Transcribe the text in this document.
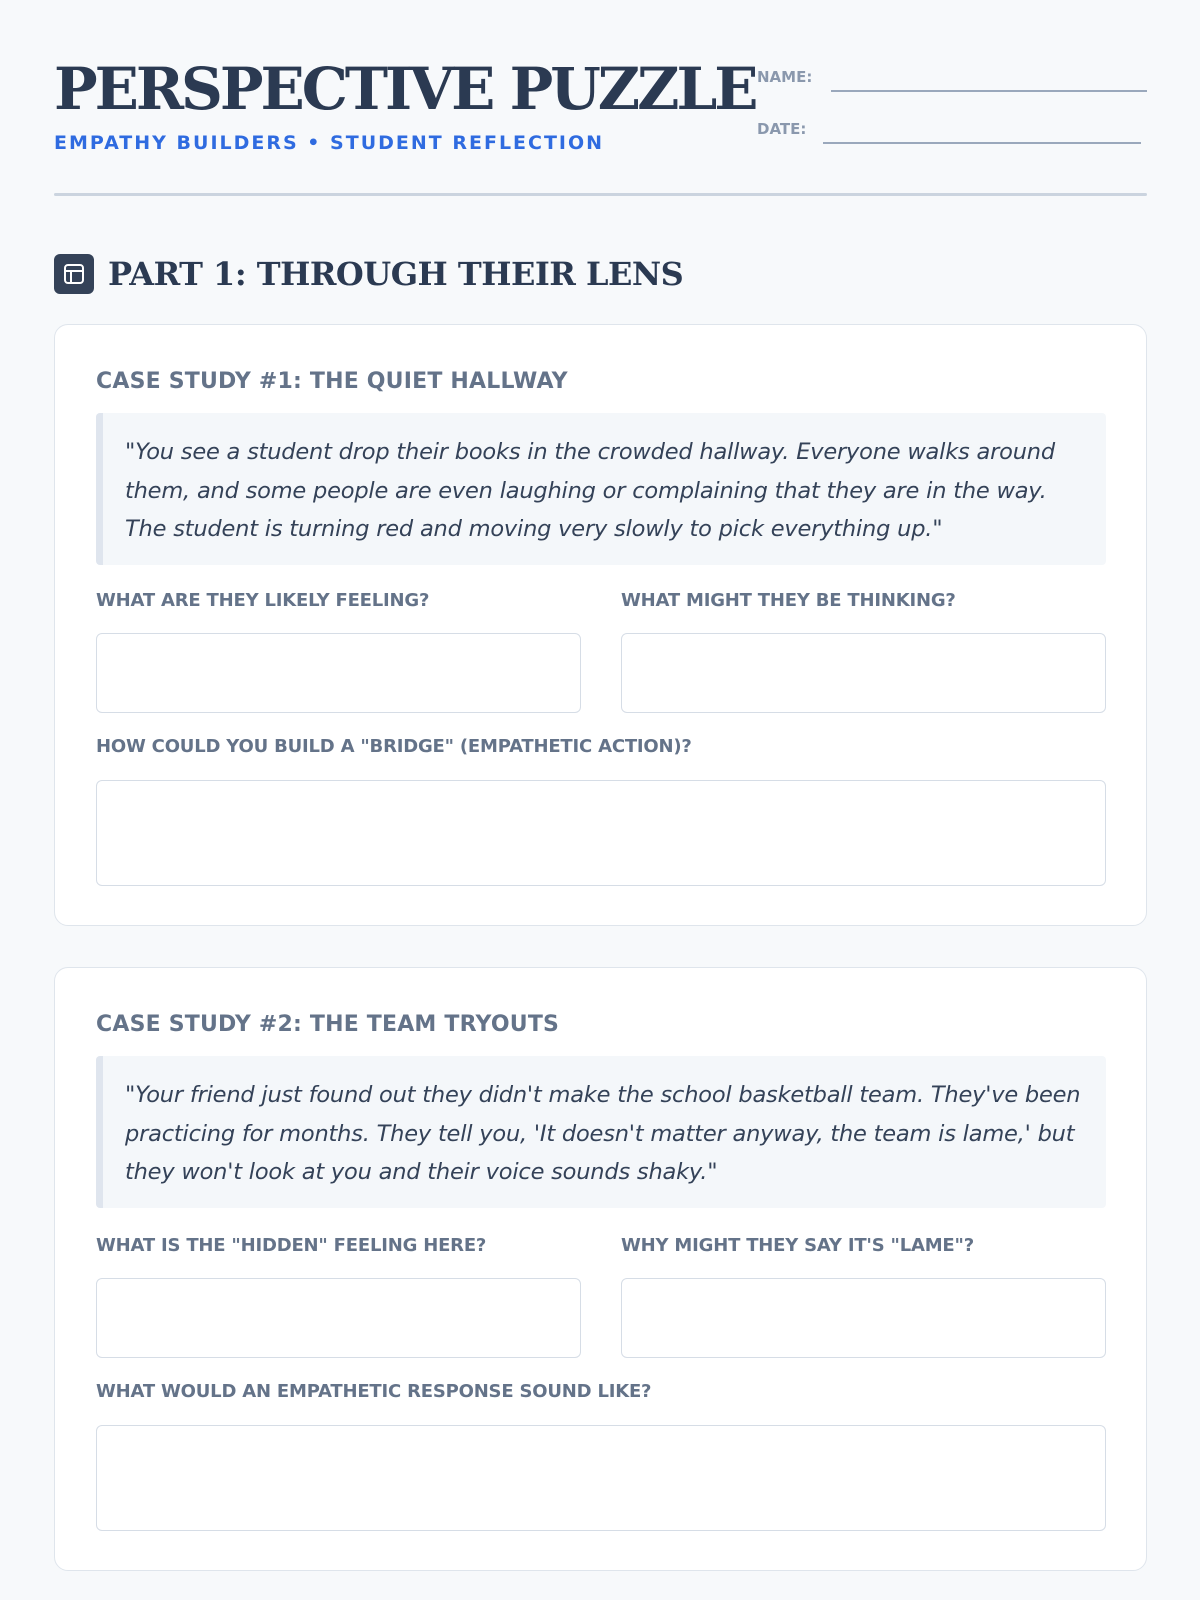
PERSPECTIVE PUZZLE
EMPATHY BUILDERS • STUDENT REFLECTION
NAME:
DATE:
PART 1: THROUGH THEIR LENS
CASE STUDY #1: THE QUIET HALLWAY
"You see a student drop their books in the crowded hallway. Everyone walks around them, and some people are even laughing or complaining that they are in the way. The student is turning red and moving very slowly to pick everything up."
WHAT ARE THEY LIKELY FEELING?	WHAT MIGHT THEY BE THINKING?
HOW COULD YOU BUILD A "BRIDGE" (EMPATHETIC ACTION)?
CASE STUDY #2: THE TEAM TRYOUTS
"Your friend just found out they didn't make the school basketball team. They've been practicing for months. They tell you, 'It doesn't matter anyway, the team is lame,' but they won't look at you and their voice sounds shaky."
WHAT IS THE "HIDDEN" FEELING HERE?	WHY MIGHT THEY SAY IT'S "LAME"?
WHAT WOULD AN EMPATHETIC RESPONSE SOUND LIKE?
